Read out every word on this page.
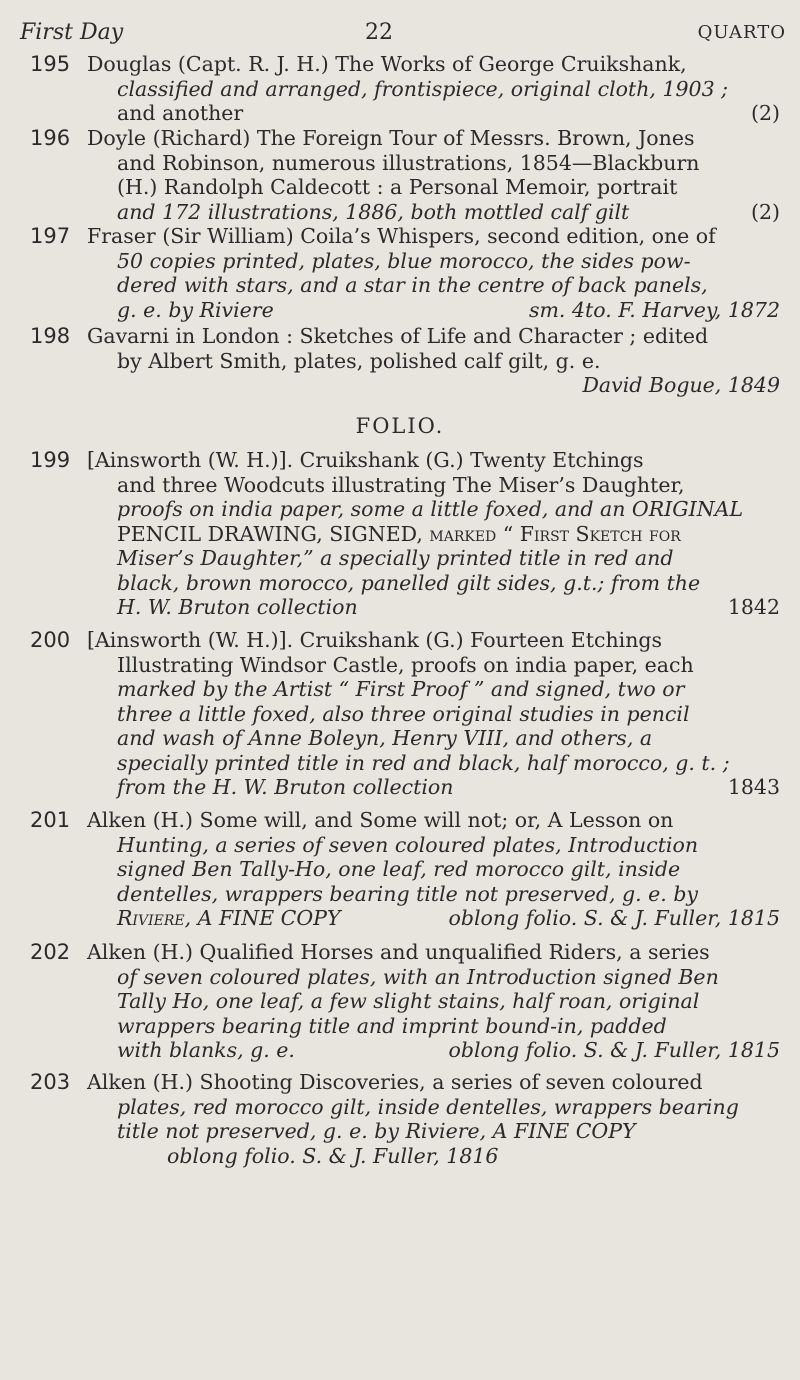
First Day	22	QUARTO
195 Douglas (Capt. R. J. H.) The Works of George Cruikshank,
classified and arranged, frontispiece, original cloth, 1903 ;
and another	(2)
196 Doyle (Richard) The Foreign Tour of Messrs. Brown, Jones
and Robinson, numerous illustrations, 1854—Blackburn
(H.) Randolph Caldecott : a Personal Memoir, portrait
and 172 illustrations, 1886, both mottled calf gilt	(2)
197 Fraser (Sir William) Coila’s Whispers, second edition, one of
50 copies printed, plates, blue morocco, the sides pow-
dered with stars, and a star in the centre of back panels,
g. e. by Riviere	sm. 4to. F. Harvey, 1872
198 Gavarni in London : Sketches of Life and Character ; edited
by Albert Smith, plates, polished calf gilt, g. e.
David Bogue, 1849
FOLIO.
199 [Ainsworth (W. H.)]. Cruikshank (G.) Twenty Etchings
and three Woodcuts illustrating The Miser’s Daughter,
proofs on india paper, some a little foxed, and an ORIGINAL
PENCIL DRAWING, SIGNED, marked “ First Sketch for
Miser’s Daughter,” a specially printed title in red and
black, brown morocco, panelled gilt sides, g.t.; from the
H. W. Bruton collection	1842
200 [Ainsworth (W. H.)]. Cruikshank (G.) Fourteen Etchings
Illustrating Windsor Castle, proofs on india paper, each
marked by the Artist “ First Proof ” and signed, two or
three a little foxed, also three original studies in pencil
and wash of Anne Boleyn, Henry VIII, and others, a
specially printed title in red and black, half morocco, g. t. ;
from the H. W. Bruton collection	1843
201 Alken (H.) Some will, and Some will not; or, A Lesson on
Hunting, a series of seven coloured plates, Introduction
signed Ben Tally-Ho, one leaf, red morocco gilt, inside
dentelles, wrappers bearing title not preserved, g. e. by
Riviere, A FINE COPY	oblong folio. S. & J. Fuller, 1815
202 Alken (H.) Qualified Horses and unqualified Riders, a series
of seven coloured plates, with an Introduction signed Ben
Tally Ho, one leaf, a few slight stains, half roan, original
wrappers bearing title and imprint bound-in, padded
with blanks, g. e.	oblong folio. S. & J. Fuller, 1815
203 Alken (H.) Shooting Discoveries, a series of seven coloured
plates, red morocco gilt, inside dentelles, wrappers bearing
title not preserved, g. e. by Riviere, A FINE COPY
oblong folio. S. & J. Fuller, 1816
